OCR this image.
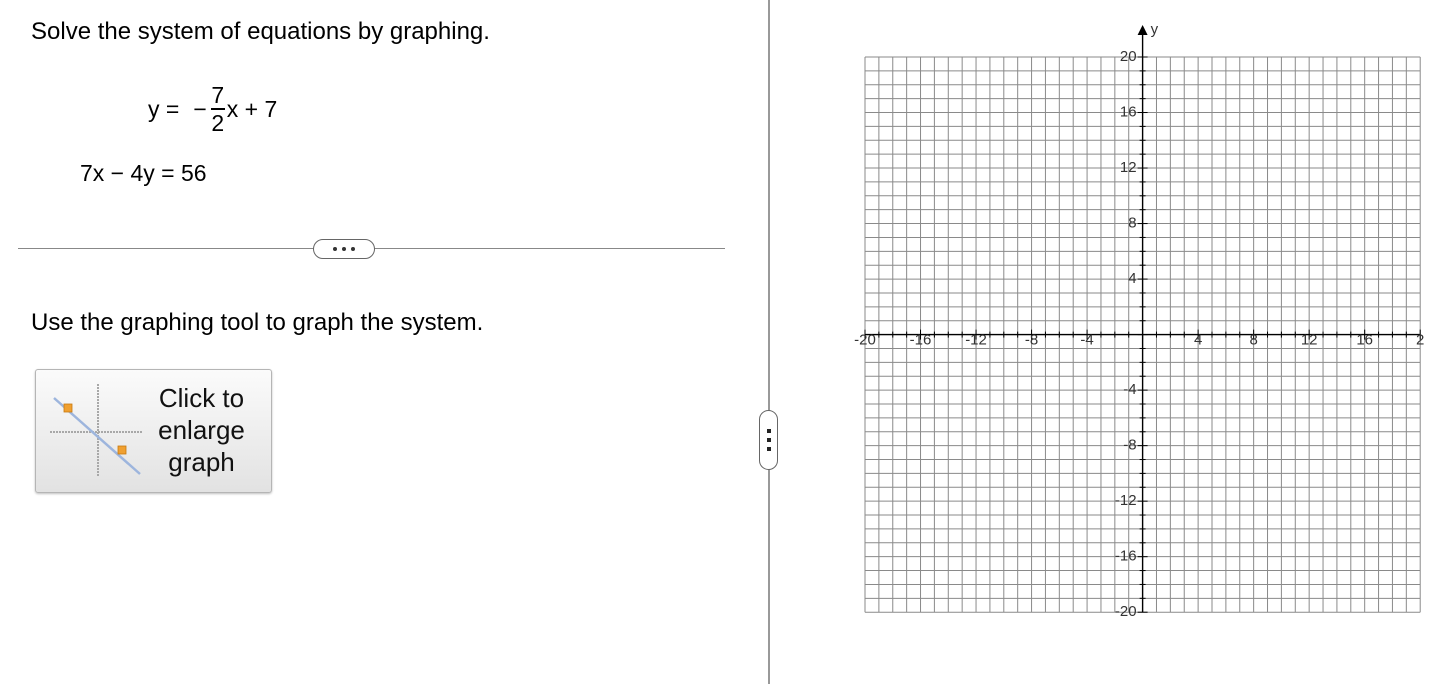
Solve the system of equations by graphing.
y = − $\frac{7}{2}$ x + 7
7x − 4y = 56
Use the graphing tool to graph the system.
Click to
enlarge
graph
y
-20 -16 -12	-8	-4	4	8	12	16	2
20
16
12
8
4
-4
-8
-12
-16
-20
